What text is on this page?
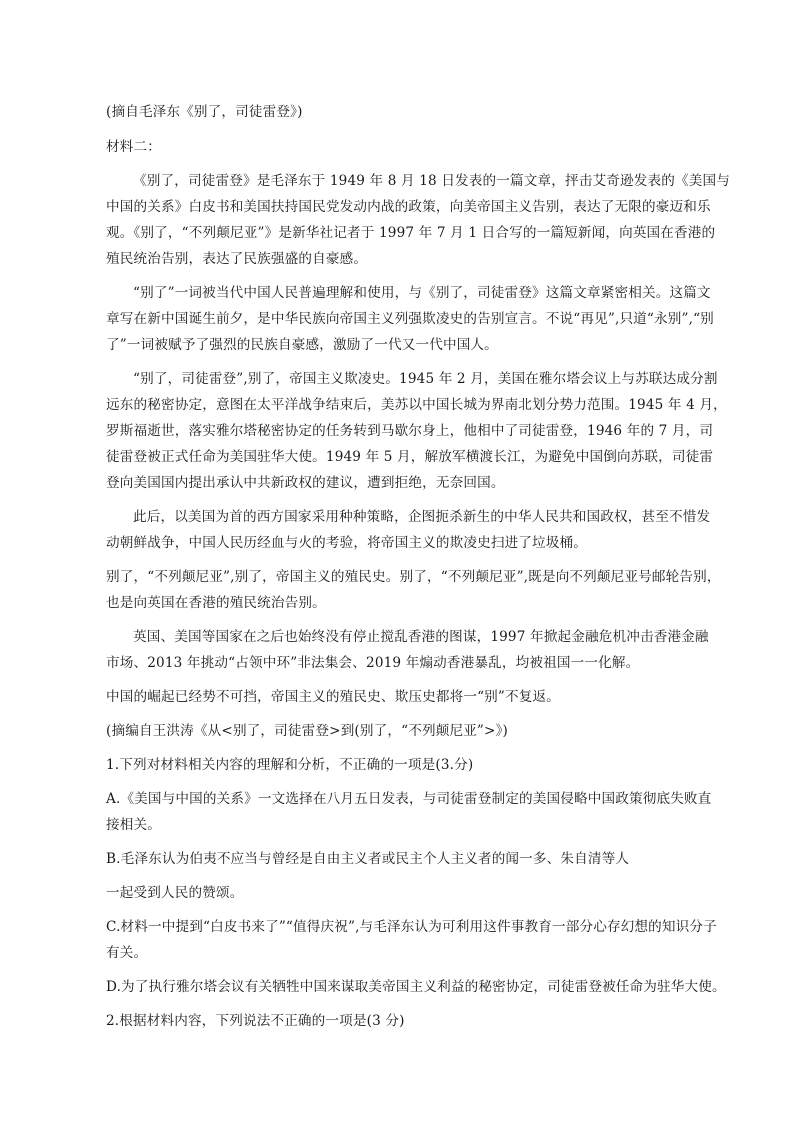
(摘自毛泽东《别了，司徒雷登》)
材料二：
《别了，司徒雷登》是毛泽东于 1949 年 8 月 18 日发表的一篇文章，抨击艾奇逊发表的《美国与
中国的关系》白皮书和美国扶持国民党发动内战的政策，向美帝国主义告别，表达了无限的豪迈和乐
观。《别了，“不列颠尼亚”》是新华社记者于 1997 年 7 月 1 日合写的一篇短新闻，向英国在香港的
殖民统治告别，表达了民族强盛的自豪感。
“别了”一词被当代中国人民普遍理解和使用，与《别了，司徒雷登》这篇文章紧密相关。这篇文
章写在新中国诞生前夕，是中华民族向帝国主义列强欺凌史的告别宣言。不说“再见”,只道“永别”,“别
了”一词被赋予了强烈的民族自豪感，激励了一代又一代中国人。
“别了，司徒雷登”,别了，帝国主义欺凌史。1945 年 2 月，美国在雅尔塔会议上与苏联达成分割
远东的秘密协定，意图在太平洋战争结束后，美苏以中国长城为界南北划分势力范围。1945 年 4 月，
罗斯福逝世，落实雅尔塔秘密协定的任务转到马歇尔身上，他相中了司徒雷登，1946 年的 7 月，司
徒雷登被正式任命为美国驻华大使。1949 年 5 月，解放军横渡长江，为避免中国倒向苏联，司徒雷
登向美国国内提出承认中共新政权的建议，遭到拒绝，无奈回国。
此后，以美国为首的西方国家采用种种策略，企图扼杀新生的中华人民共和国政权，甚至不惜发
动朝鲜战争，中国人民历经血与火的考验，将帝国主义的欺凌史扫进了垃圾桶。
别了，“不列颠尼亚”,别了，帝国主义的殖民史。别了，“不列颠尼亚”,既是向不列颠尼亚号邮轮告别，
也是向英国在香港的殖民统治告别。
英国、美国等国家在之后也始终没有停止搅乱香港的图谋，1997 年掀起金融危机冲击香港金融
市场、2013 年挑动“占领中环”非法集会、2019 年煽动香港暴乱，均被祖国一一化解。
中国的崛起已经势不可挡，帝国主义的殖民史、欺压史都将一“别”不复返。
(摘编自王洪涛《从<别了，司徒雷登>到(别了，“不列颠尼亚”>》)
1.下列对材料相关内容的理解和分析，不正确的一项是(3.分)
A.《美国与中国的关系》一文选择在八月五日发表，与司徒雷登制定的美国侵略中国政策彻底失败直
接相关。
B.毛泽东认为伯夷不应当与曾经是自由主义者或民主个人主义者的闻一多、朱自清等人
一起受到人民的赞颂。
C.材料一中提到“白皮书来了”“值得庆祝”,与毛泽东认为可利用这件事教育一部分心存幻想的知识分子
有关。
D.为了执行雅尔塔会议有关牺牲中国来谋取美帝国主义利益的秘密协定，司徒雷登被任命为驻华大使。
2.根据材料内容，下列说法不正确的一项是(3 分)
